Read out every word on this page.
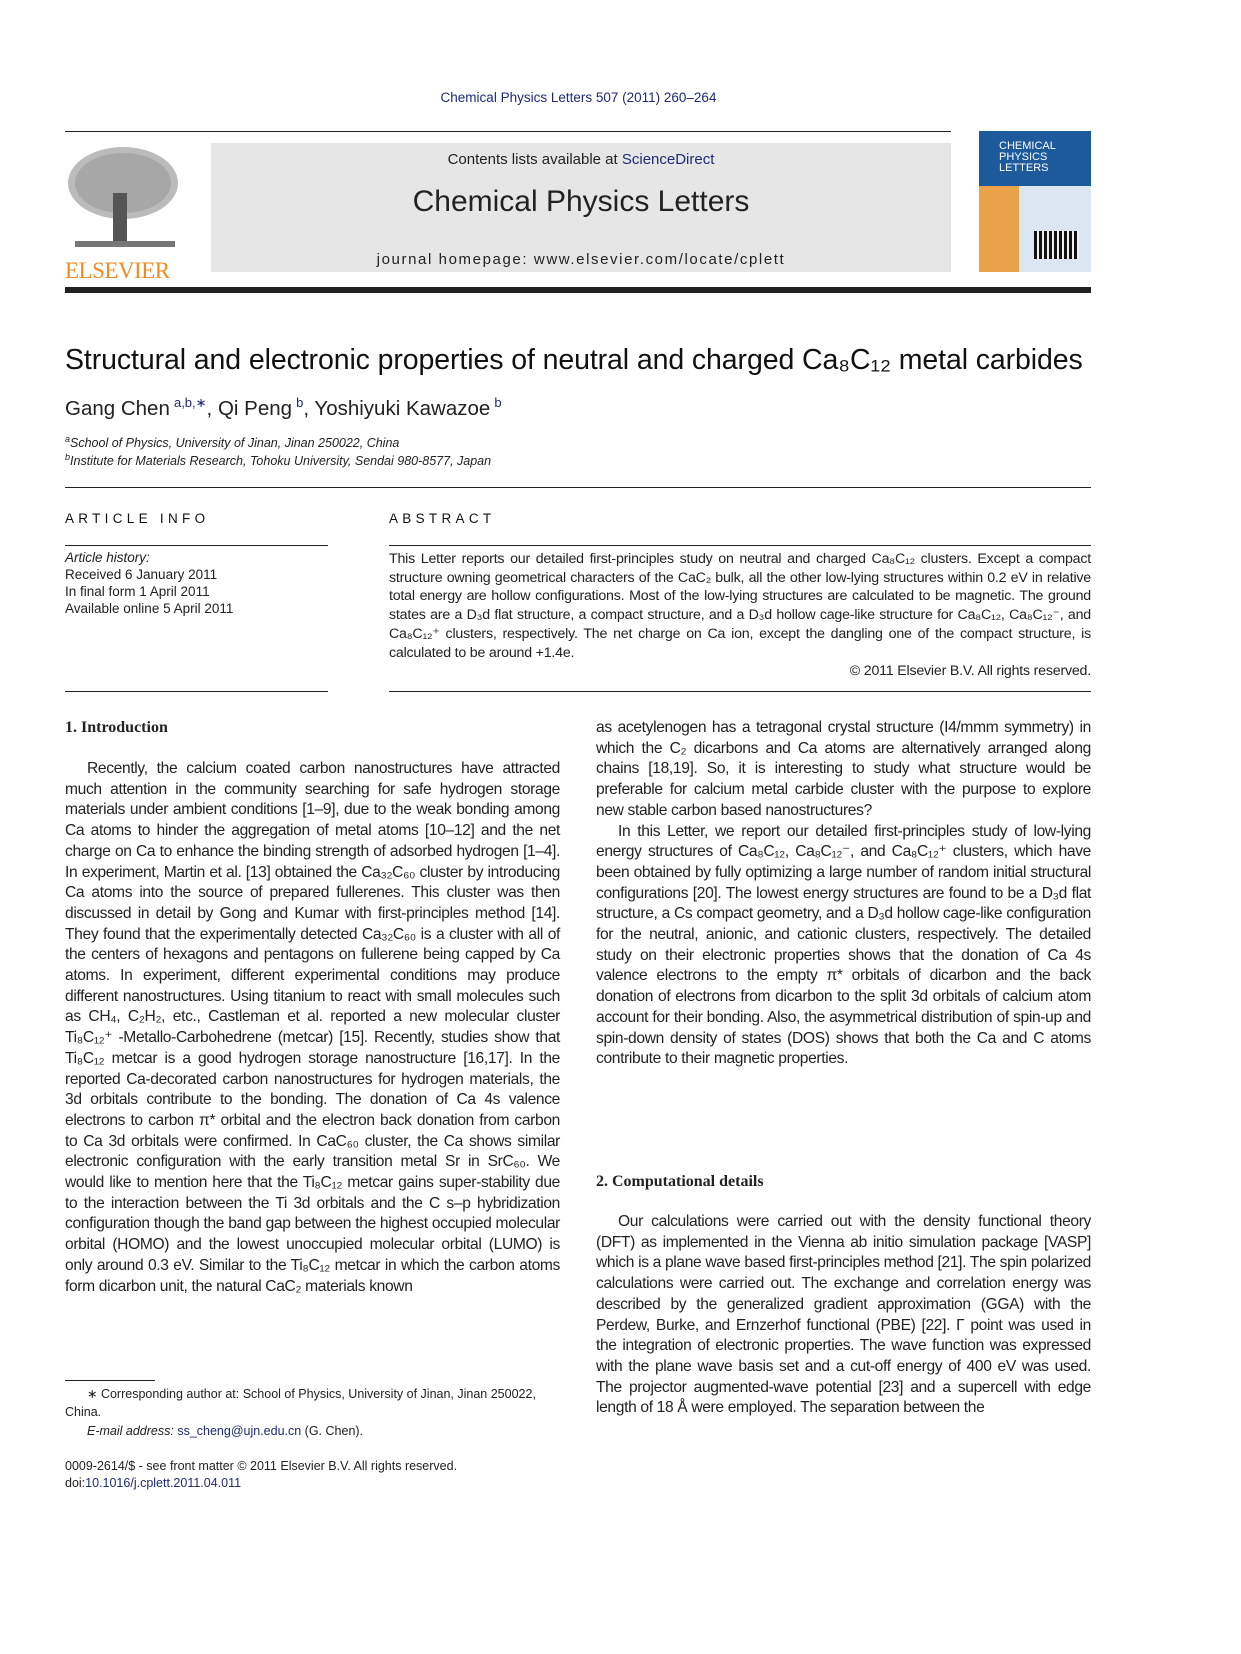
Chemical Physics Letters 507 (2011) 260–264
ELSEVIER
Contents lists available at ScienceDirect
Chemical Physics Letters
journal homepage: www.elsevier.com/locate/cplett
CHEMICAL
PHYSICS
LETTERS
Structural and electronic properties of neutral and charged Ca₈C₁₂ metal carbides
Gang Chen  $^{a,b,∗}$, Qi Peng  $^b$, Yoshiyuki Kawazoe  $^b$
$^a$School of Physics, University of Jinan, Jinan 250022, China
$^b$Institute for Materials Research, Tohoku University, Sendai 980-8577, Japan
ARTICLE INFO	ABSTRACT
Article history:
Received 6 January 2011
In final form 1 April 2011
Available online 5 April 2011
This Letter reports our detailed first-principles study on neutral and charged Ca₈C₁₂ clusters. Except a compact structure owning geometrical characters of the CaC₂ bulk, all the other low-lying structures within 0.2 eV in relative total energy are hollow configurations. Most of the low-lying structures are calculated to be magnetic. The ground states are a D₃d flat structure, a compact structure, and a D₃d hollow cage-like structure for Ca₈C₁₂, Ca₈C₁₂⁻, and Ca₈C₁₂⁺ clusters, respectively. The net charge on Ca ion, except the dangling one of the compact structure, is calculated to be around +1.4e.
© 2011 Elsevier B.V. All rights reserved.
1. Introduction

Recently, the calcium coated carbon nanostructures have attracted much attention in the community searching for safe hydrogen storage materials under ambient conditions [1–9], due to the weak bonding among Ca atoms to hinder the aggregation of metal atoms [10–12] and the net charge on Ca to enhance the binding strength of adsorbed hydrogen [1–4]. In experiment, Martin et al. [13] obtained the Ca₃₂C₆₀ cluster by introducing Ca atoms into the source of prepared fullerenes. This cluster was then discussed in detail by Gong and Kumar with first-principles method [14]. They found that the experimentally detected Ca₃₂C₆₀ is a cluster with all of the centers of hexagons and pentagons on fullerene being capped by Ca atoms. In experiment, different experimental conditions may produce different nanostructures. Using titanium to react with small molecules such as CH₄, C₂H₂, etc., Castleman et al. reported a new molecular cluster Ti₈C₁₂⁺ -Metallo-Carbohedrene (metcar) [15]. Recently, studies show that Ti₈C₁₂ metcar is a good hydrogen storage nanostructure [16,17]. In the reported Ca-decorated carbon nanostructures for hydrogen materials, the 3d orbitals contribute to the bonding. The donation of Ca 4s valence electrons to carbon π* orbital and the electron back donation from carbon to Ca 3d orbitals were confirmed. In CaC₆₀ cluster, the Ca shows similar electronic configuration with the early transition metal Sr in SrC₆₀. We would like to mention here that the Ti₈C₁₂ metcar gains super-stability due to the interaction between the Ti 3d orbitals and the C s–p hybridization configuration though the band gap between the highest occupied molecular orbital (HOMO) and the lowest unoccupied molecular orbital (LUMO) is only around 0.3 eV. Similar to the Ti₈C₁₂ metcar in which the carbon atoms form dicarbon unit, the natural CaC₂ materials known

as acetylenogen has a tetragonal crystal structure (I4/mmm symmetry) in which the C₂ dicarbons and Ca atoms are alternatively arranged along chains [18,19]. So, it is interesting to study what structure would be preferable for calcium metal carbide cluster with the purpose to explore new stable carbon based nanostructures?

In this Letter, we report our detailed first-principles study of low-lying energy structures of Ca₈C₁₂, Ca₈C₁₂⁻, and Ca₈C₁₂⁺ clusters, which have been obtained by fully optimizing a large number of random initial structural configurations [20]. The lowest energy structures are found to be a D₃d flat structure, a Cs compact geometry, and a D₃d hollow cage-like configuration for the neutral, anionic, and cationic clusters, respectively. The detailed study on their electronic properties shows that the donation of Ca 4s valence electrons to the empty π* orbitals of dicarbon and the back donation of electrons from dicarbon to the split 3d orbitals of calcium atom account for their bonding. Also, the asymmetrical distribution of spin-up and spin-down density of states (DOS) shows that both the Ca and C atoms contribute to their magnetic properties.

2. Computational details

Our calculations were carried out with the density functional theory (DFT) as implemented in the Vienna ab initio simulation package [VASP] which is a plane wave based first-principles method [21]. The spin polarized calculations were carried out. The exchange and correlation energy was described by the generalized gradient approximation (GGA) with the Perdew, Burke, and Ernzerhof functional (PBE) [22]. Γ point was used in the integration of electronic properties. The wave function was expressed with the plane wave basis set and a cut-off energy of 400 eV was used. The projector augmented-wave potential [23] and a supercell with edge length of 18 Å were employed. The separation between the

∗ Corresponding author at: School of Physics, University of Jinan, Jinan 250022, China.
E-mail address: ss_cheng@ujn.edu.cn (G. Chen).
0009-2614/$ - see front matter © 2011 Elsevier B.V. All rights reserved.
doi:10.1016/j.cplett.2011.04.011
